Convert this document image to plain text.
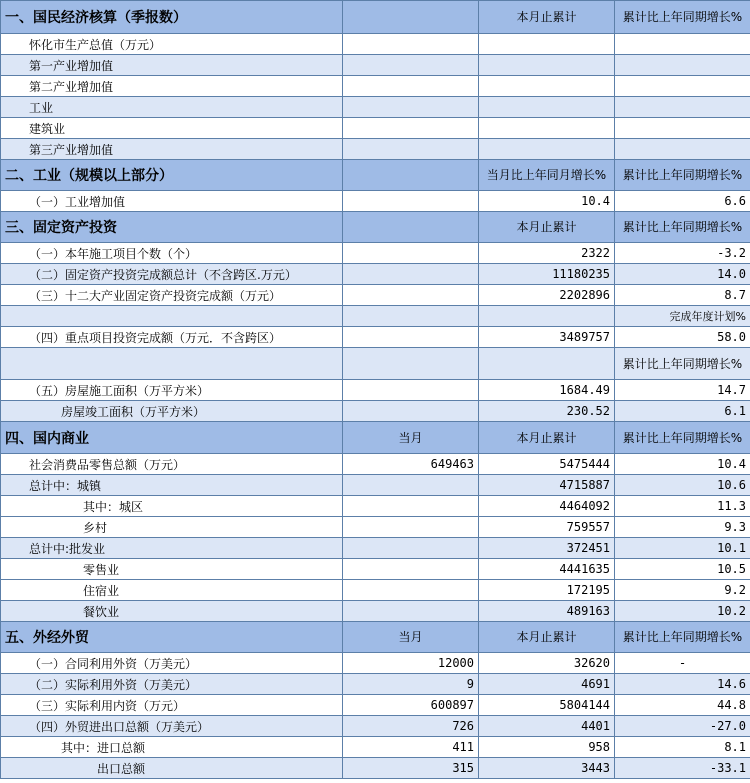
一、国民经济核算（季报数）		本月止累计	累计比上年同期增长%
怀化市生产总值（万元）			
第一产业增加值			
第二产业增加值			
工业			
建筑业			
第三产业增加值			
二、工业（规模以上部分）		当月比上年同月增长%	累计比上年同期增长%
（一）工业增加值		10.4	6.6
三、固定资产投资		本月止累计	累计比上年同期增长%
（一）本年施工项目个数（个）		2322	-3.2
（二）固定资产投资完成额总计（不含跨区.万元）		11180235	14.0
（三）十二大产业固定资产投资完成额（万元）		2202896	8.7
			完成年度计划%
（四）重点项目投资完成额（万元．不含跨区）		3489757	58.0
			累计比上年同期增长%
（五）房屋施工面积（万平方米）		1684.49	14.7
房屋竣工面积（万平方米）		230.52	6.1
四、国内商业	当月	本月止累计	累计比上年同期增长%
社会消费品零售总额（万元）	649463	5475444	10.4
总计中：城镇		4715887	10.6
其中：城区		4464092	11.3
乡村		759557	9.3
总计中:批发业		372451	10.1
零售业		4441635	10.5
住宿业		172195	9.2
餐饮业		489163	10.2
五、外经外贸	当月	本月止累计	累计比上年同期增长%
（一）合同利用外资（万美元）	12000	32620	-
（二）实际利用外资（万美元）	9	4691	14.6
（三）实际利用内资（万元）	600897	5804144	44.8
（四）外贸进出口总额（万美元）	726	4401	-27.0
其中：进口总额	411	958	8.1
出口总额	315	3443	-33.1
